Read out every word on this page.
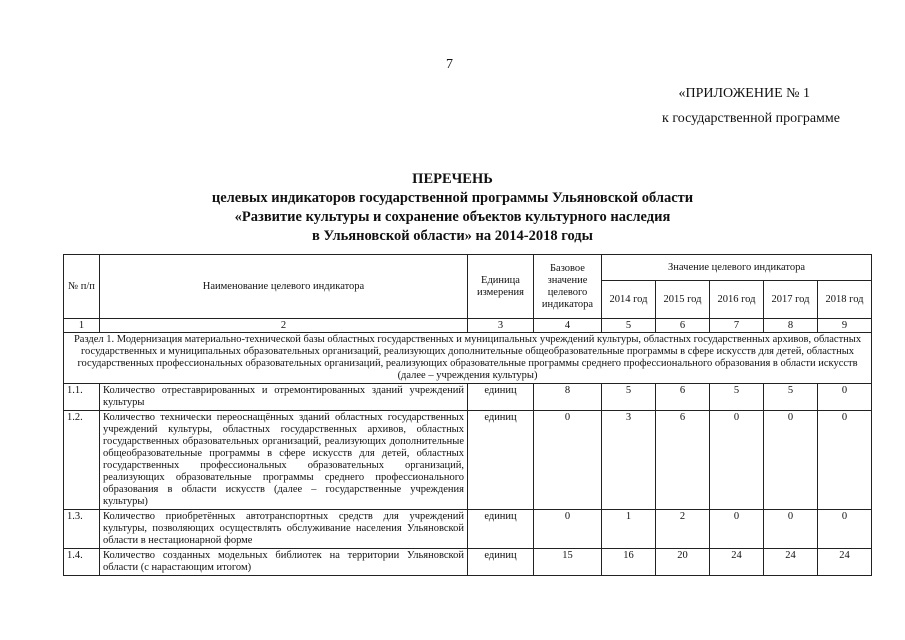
7
«ПРИЛОЖЕНИЕ № 1
к государственной программе
ПЕРЕЧЕНЬ
целевых индикаторов государственной программы Ульяновской области
«Развитие культуры и сохранение объектов культурного наследия
в Ульяновской области» на 2014-2018 годы
№ п/п	Наименование целевого индикатора	Единица измерения	Базовое значение целевого индикатора	Значение целевого индикатора				
				2014 год	2015 год	2016 год	2017 год	2018 год
1	2	3	4	5	6	7	8	9
Раздел 1. Модернизация материально-технической базы областных государственных и муниципальных учреждений культуры, областных государственных архивов, областных государственных и муниципальных образовательных организаций, реализующих дополнительные общеобразовательные программы в сфере искусств для детей, областных государственных профессиональных образовательных организаций, реализующих образовательные программы среднего профессионального образования в области искусств (далее – учреждения культуры)								
1.1.	Количество отреставрированных и отремонтированных зданий учреждений культуры	единиц	8	5	6	5	5	0
1.2.	Количество технически переоснащённых зданий областных государственных учреждений культуры, областных государственных архивов, областных государственных образовательных организаций, реализующих дополнительные общеобразовательные программы в сфере искусств для детей, областных государственных профессиональных образовательных организаций, реализующих образовательные программы среднего профессионального образования в области искусств (далее – государственные учреждения культуры)	единиц	0	3	6	0	0	0
1.3.	Количество приобретённых автотранспортных средств для учреждений культуры, позволяющих осуществлять обслуживание населения Ульяновской области в нестационарной форме	единиц	0	1	2	0	0	0
1.4.	Количество созданных модельных библиотек на территории Ульяновской области (с нарастающим итогом)	единиц	15	16	20	24	24	24
